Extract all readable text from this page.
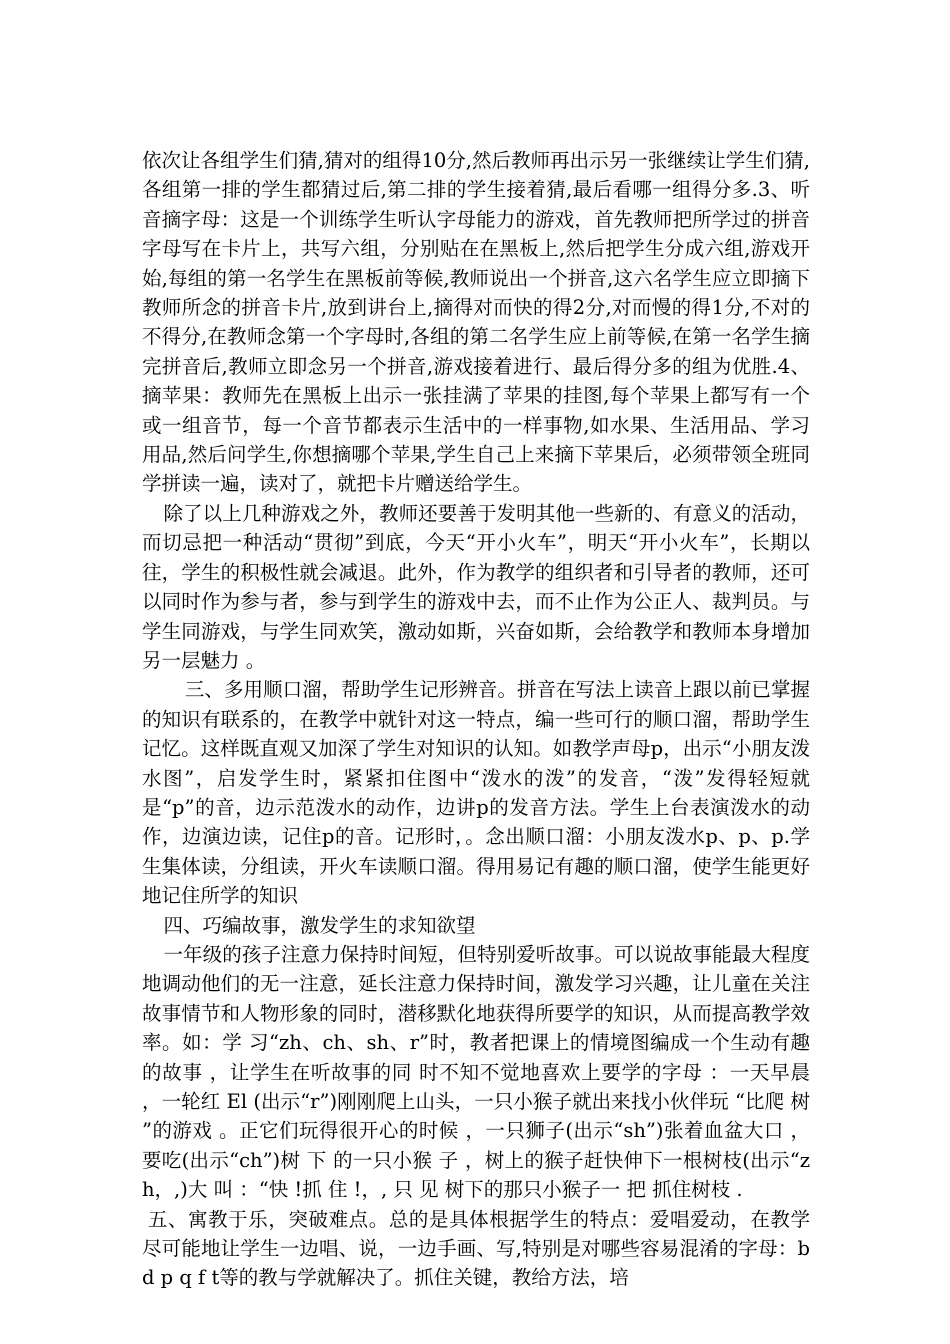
依次让各组学生们猜,猜对的组得10分,然后教师再出示另一张继续让学生们猜,各组第一排的学生都猜过后,第二排的学生接着猜,最后看哪一组得分多.3、听音摘字母：这是一个训练学生听认字母能力的游戏，首先教师把所学过的拼音字母写在卡片上，共写六组，分别贴在在黑板上,然后把学生分成六组,游戏开始,每组的第一名学生在黑板前等候,教师说出一个拼音,这六名学生应立即摘下教师所念的拼音卡片,放到讲台上,摘得对而快的得2分,对而慢的得1分,不对的不得分,在教师念第一个字母时,各组的第二名学生应上前等候,在第一名学生摘完拼音后,教师立即念另一个拼音,游戏接着进行、最后得分多的组为优胜.4、摘苹果：教师先在黑板上出示一张挂满了苹果的挂图,每个苹果上都写有一个或一组音节，每一个音节都表示生活中的一样事物,如水果、生活用品、学习用品,然后问学生,你想摘哪个苹果,学生自己上来摘下苹果后，必须带领全班同学拼读一遍，读对了，就把卡片赠送给学生。

除了以上几种游戏之外，教师还要善于发明其他一些新的、有意义的活动，而切忌把一种活动“贯彻”到底，今天“开小火车”，明天“开小火车”，长期以往，学生的积极性就会减退。此外，作为教学的组织者和引导者的教师，还可以同时作为参与者，参与到学生的游戏中去，而不止作为公正人、裁判员。与学生同游戏，与学生同欢笑，激动如斯，兴奋如斯，会给教学和教师本身增加另一层魅力 。

三、多用顺口溜，帮助学生记形辨音。拼音在写法上读音上跟以前已掌握的知识有联系的，在教学中就针对这一特点，编一些可行的顺口溜，帮助学生记忆。这样既直观又加深了学生对知识的认知。如教学声母p，出示“小朋友泼水图”，启发学生时，紧紧扣住图中“泼水的泼”的发音，“泼”发得轻短就是“p”的音，边示范泼水的动作，边讲p的发音方法。学生上台表演泼水的动作，边演边读，记住p的音。记形时，。念出顺口溜：小朋友泼水p、p、p.学生集体读，分组读，开火车读顺口溜。得用易记有趣的顺口溜，使学生能更好地记住所学的知识

四、巧编故事，激发学生的求知欲望

一年级的孩子注意力保持时间短，但特别爱听故事。可以说故事能最大程度地调动他们的无一注意，延长注意力保持时间，激发学习兴趣，让儿童在关注故事情节和人物形象的同时，潜移默化地获得所要学的知识，从而提高教学效率。如：学 习“zh、ch、sh、r”时，教者把课上的情境图编成一个生动有趣的故事 ，让学生在听故事的同 时不知不觉地喜欢上要学的字母 ：一天早晨 ，一轮红 El (出示“r”)刚刚爬上山头，一只小猴子就出来找小伙伴玩 “比爬 树 ”的游戏 。正它们玩得很开心的时候 ，一只狮子(出示“sh”)张着血盆大口 ，要吃(出示“ch”)树 下 的一只小猴 子 ，树上的猴子赶快伸下一根树枝(出示“zh，,)大 叫 ：“快 !抓 住 !，, 只 见 树下的那只小猴子一 把 抓住树枝 .

五、寓教于乐，突破难点。总的是具体根据学生的特点：爱唱爱动，在教学尽可能地让学生一边唱、说，一边手画、写,特别是对哪些容易混淆的字母：b d p q f t等的教与学就解决了。抓住关键，教给方法，培
